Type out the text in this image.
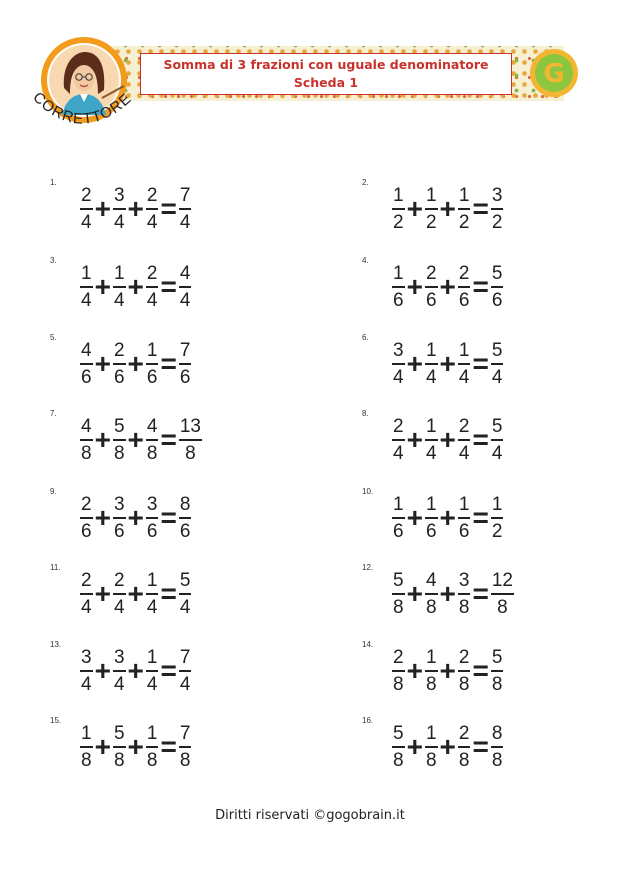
Somma di 3 frazioni con uguale denominatore
Scheda 1
CORRETTORE
G
1.
$\frac{2}{4} + \frac{3}{4} + \frac{2}{4} = \frac{7}{4}$
2.
$\frac{1}{2} + \frac{1}{2} + \frac{1}{2} = \frac{3}{2}$
3.
$\frac{1}{4} + \frac{1}{4} + \frac{2}{4} = \frac{4}{4}$
4.
$\frac{1}{6} + \frac{2}{6} + \frac{2}{6} = \frac{5}{6}$
5.
$\frac{4}{6} + \frac{2}{6} + \frac{1}{6} = \frac{7}{6}$
6.
$\frac{3}{4} + \frac{1}{4} + \frac{1}{4} = \frac{5}{4}$
7.
$\frac{4}{8} + \frac{5}{8} + \frac{4}{8} = \frac{13}{8}$
8.
$\frac{2}{4} + \frac{1}{4} + \frac{2}{4} = \frac{5}{4}$
9.
$\frac{2}{6} + \frac{3}{6} + \frac{3}{6} = \frac{8}{6}$
10.
$\frac{1}{6} + \frac{1}{6} + \frac{1}{6} = \frac{1}{2}$
11.
$\frac{2}{4} + \frac{2}{4} + \frac{1}{4} = \frac{5}{4}$
12.
$\frac{5}{8} + \frac{4}{8} + \frac{3}{8} = \frac{12}{8}$
13.
$\frac{3}{4} + \frac{3}{4} + \frac{1}{4} = \frac{7}{4}$
14.
$\frac{2}{8} + \frac{1}{8} + \frac{2}{8} = \frac{5}{8}$
15.
$\frac{1}{8} + \frac{5}{8} + \frac{1}{8} = \frac{7}{8}$
16.
$\frac{5}{8} + \frac{1}{8} + \frac{2}{8} = \frac{8}{8}$
Diritti riservati ©gogobrain.it
